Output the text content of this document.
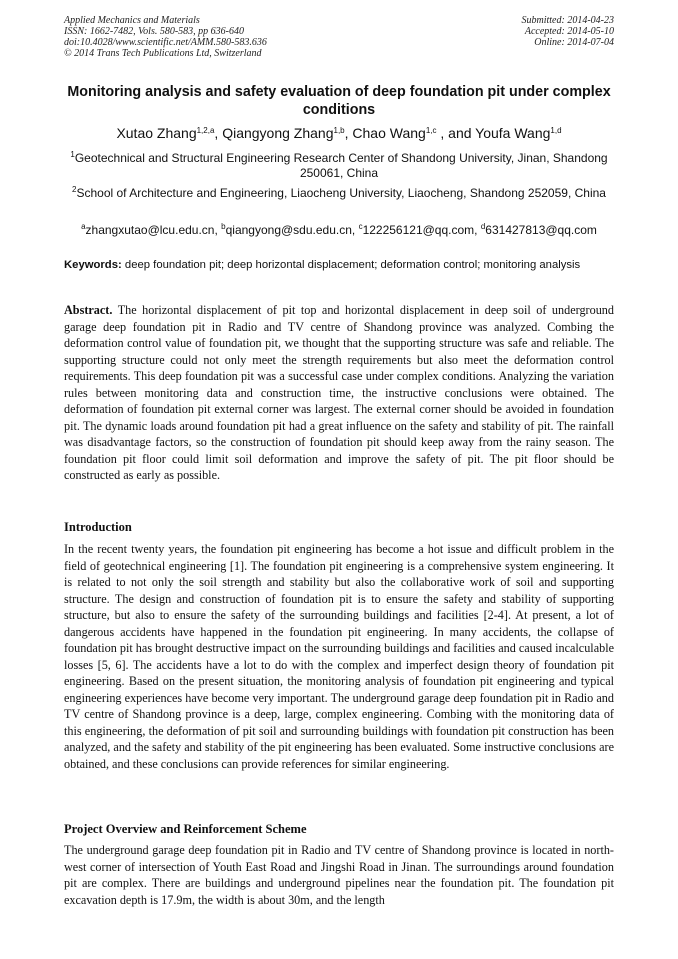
Applied Mechanics and Materials
ISSN: 1662-7482, Vols. 580-583, pp 636-640
doi:10.4028/www.scientific.net/AMM.580-583.636
© 2014 Trans Tech Publications Ltd, Switzerland
Submitted: 2014-04-23
Accepted: 2014-05-10
Online: 2014-07-04
Monitoring analysis and safety evaluation of deep foundation pit under complex conditions
Xutao Zhang$^{1,2,a}$, Qiangyong Zhang$^{1,b}$, Chao Wang$^{1,c}$ , and Youfa Wang$^{1,d}$
$^1$Geotechnical and Structural Engineering Research Center of Shandong University, Jinan, Shandong 250061, China
$^2$School of Architecture and Engineering, Liaocheng University, Liaocheng, Shandong 252059, China
$^a$zhangxutao@lcu.edu.cn, $^b$qiangyong@sdu.edu.cn, $^c$122256121@qq.com, $^d$631427813@qq.com
Keywords: deep foundation pit; deep horizontal displacement; deformation control; monitoring analysis
Abstract. The horizontal displacement of pit top and horizontal displacement in deep soil of underground garage deep foundation pit in Radio and TV centre of Shandong province was analyzed. Combing the deformation control value of foundation pit, we thought that the supporting structure was safe and reliable. The supporting structure could not only meet the strength requirements but also meet the deformation control requirements. This deep foundation pit was a successful case under complex conditions. Analyzing the variation rules between monitoring data and construction time, the instructive conclusions were obtained. The deformation of foundation pit external corner was largest. The external corner should be avoided in foundation pit. The dynamic loads around foundation pit had a great influence on the safety and stability of pit. The rainfall was disadvantage factors, so the construction of foundation pit should keep away from the rainy season. The foundation pit floor could limit soil deformation and improve the safety of pit. The pit floor should be constructed as early as possible.
Introduction
In the recent twenty years, the foundation pit engineering has become a hot issue and difficult problem in the field of geotechnical engineering [1]. The foundation pit engineering is a comprehensive system engineering. It is related to not only the soil strength and stability but also the collaborative work of soil and supporting structure. The design and construction of foundation pit is to ensure the safety and stability of supporting structure, but also to ensure the safety of the surrounding buildings and facilities [2-4]. At present, a lot of dangerous accidents have happened in the foundation pit engineering. In many accidents, the collapse of foundation pit has brought destructive impact on the surrounding buildings and facilities and caused incalculable losses [5, 6]. The accidents have a lot to do with the complex and imperfect design theory of foundation pit engineering. Based on the present situation, the monitoring analysis of foundation pit engineering and typical engineering experiences have become very important. The underground garage deep foundation pit in Radio and TV centre of Shandong province is a deep, large, complex engineering. Combing with the monitoring data of this engineering, the deformation of pit soil and surrounding buildings with foundation pit construction has been analyzed, and the safety and stability of the pit engineering has been evaluated. Some instructive conclusions are obtained, and these conclusions can provide references for similar engineering.
Project Overview and Reinforcement Scheme
The underground garage deep foundation pit in Radio and TV centre of Shandong province is located in north-west corner of intersection of Youth East Road and Jingshi Road in Jinan. The surroundings around foundation pit are complex. There are buildings and underground pipelines near the foundation pit. The foundation pit excavation depth is 17.9m, the width is about 30m, and the length
